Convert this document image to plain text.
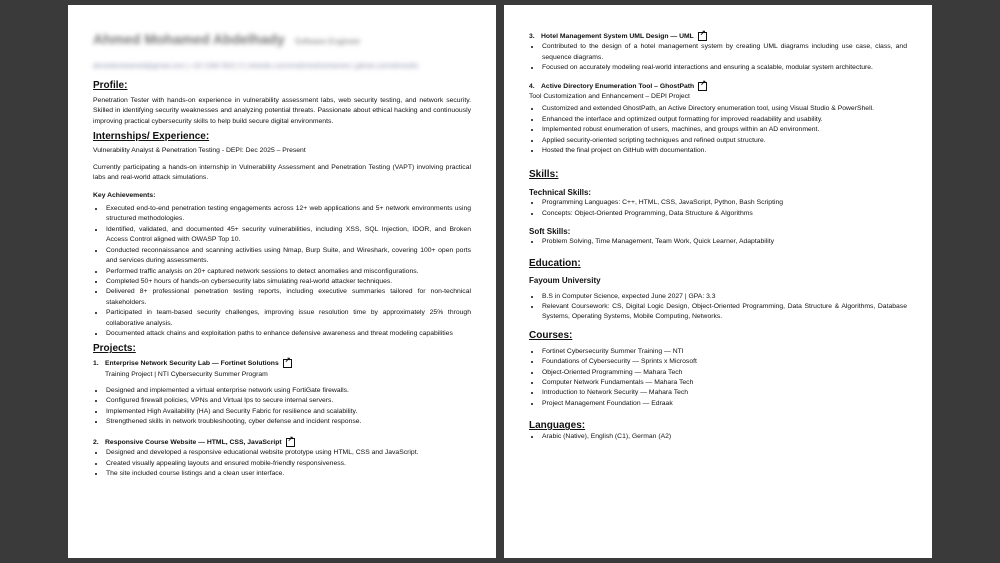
Ahmed Mohamed Abdelhady Software Engineer
ahmedmohamed@gmail.com | +20 1094 5521 0 | linkedin.com/in/ahmedmohamed | github.com/ahmedm
Profile:

Penetration Tester with hands-on experience in vulnerability assessment labs, web security testing, and network security. Skilled in identifying security weaknesses and analyzing potential threats. Passionate about ethical hacking and continuously improving practical cybersecurity skills to help build secure digital environments.

Internships/ Experience:

Vulnerability Analyst & Penetration Testing - DEPI: Dec 2025 – Present

Currently participating a hands-on internship in Vulnerability Assessment and Penetration Testing (VAPT) involving practical labs and real-world attack simulations.

Key Achievements:

• Executed end-to-end penetration testing engagements across 12+ web applications and 5+ network environments using structured methodologies.
• Identified, validated, and documented 45+ security vulnerabilities, including XSS, SQL Injection, IDOR, and Broken Access Control aligned with OWASP Top 10.
• Conducted reconnaissance and scanning activities using Nmap, Burp Suite, and Wireshark, covering 100+ open ports and services during assessments.
• Performed traffic analysis on 20+ captured network sessions to detect anomalies and misconfigurations.
• Completed 50+ hours of hands-on cybersecurity labs simulating real-world attacker techniques.
• Delivered 8+ professional penetration testing reports, including executive summaries tailored for non-technical stakeholders.
• Participated in team-based security challenges, improving issue resolution time by approximately 25% through collaborative analysis.
• Documented attack chains and exploitation paths to enhance defensive awareness and threat modeling capabilities
Projects:
1. Enterprise Network Security Lab — Fortinet Solutions
↗
Training Project | NTI Cybersecurity Summer Program
• Designed and implemented a virtual enterprise network using FortiGate firewalls.
• Configured firewall policies, VPNs and Virtual Ips to secure internal servers.
• Implemented High Availability (HA) and Security Fabric for resilience and scalability.
• Strengthened skills in network troubleshooting, cyber defense and incident response.
2. Responsive Course Website — HTML, CSS, JavaScript
↗
• Designed and developed a responsive educational website prototype using HTML, CSS and JavaScript.
• Created visually appealing layouts and ensured mobile-friendly responsiveness.
• The site included course listings and a clean user interface.
3. Hotel Management System UML Design — UML
↗
• Contributed to the design of a hotel management system by creating UML diagrams including use case, class, and sequence diagrams.
• Focused on accurately modeling real-world interactions and ensuring a scalable, modular system architecture.
4. Active Directory Enumeration Tool – GhostPath
↗
Tool Customization and Enhancement – DEPI Project
• Customized and extended GhostPath, an Active Directory enumeration tool, using Visual Studio & PowerShell.
• Enhanced the interface and optimized output formatting for improved readability and usability.
• Implemented robust enumeration of users, machines, and groups within an AD environment.
• Applied security-oriented scripting techniques and refined output structure.
• Hosted the final project on GitHub with documentation.
Skills:
Technical Skills:
• Programming Languages: C++, HTML, CSS, JavaScript, Python, Bash Scripting
• Concepts: Object-Oriented Programming, Data Structure & Algorithms
Soft Skills:
• Problem Solving, Time Management, Team Work, Quick Learner, Adaptability
Education:
Fayoum University
• B.S in Computer Science, expected June 2027 | GPA: 3.3
• Relevant Coursework: CS, Digital Logic Design, Object-Oriented Programming, Data Structure & Algorithms, Database Systems, Operating Systems, Mobile Computing, Networks.
Courses:
• Fortinet Cybersecurity Summer Training — NTI
• Foundations of Cybersecurity — Sprints x Microsoft
• Object-Oriented Programming — Mahara Tech
• Computer Network Fundamentals — Mahara Tech
• Introduction to Network Security — Mahara Tech
• Project Management Foundation — Edraak
Languages:
• Arabic (Native), English (C1), German (A2)
